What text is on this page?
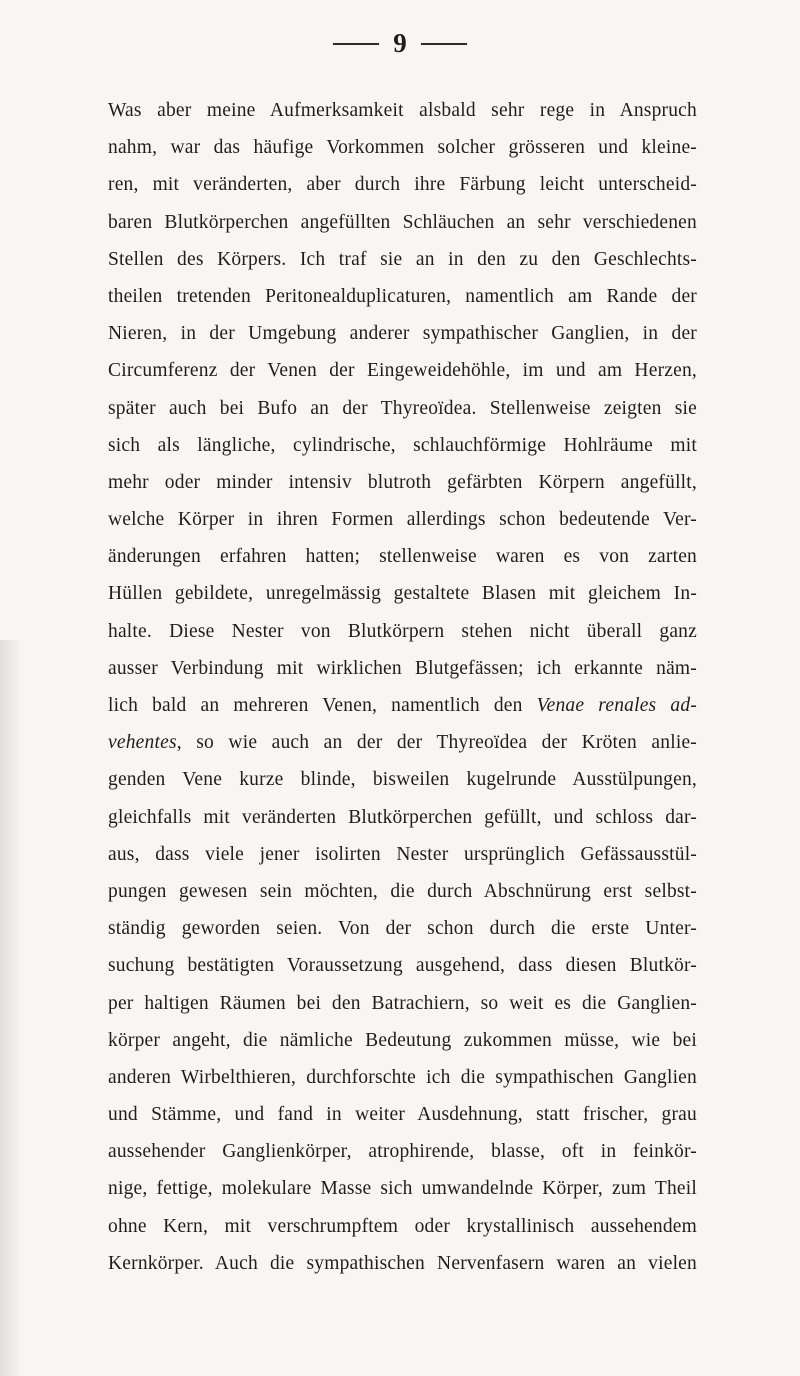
9
Was aber meine Aufmerksamkeit alsbald sehr rege in Anspruch
nahm, war das häufige Vorkommen solcher grösseren und kleine-
ren, mit veränderten, aber durch ihre Färbung leicht unterscheid-
baren Blutkörperchen angefüllten Schläuchen an sehr verschiedenen
Stellen des Körpers. Ich traf sie an in den zu den Geschlechts-
theilen tretenden Peritonealduplicaturen, namentlich am Rande der
Nieren, in der Umgebung anderer sympathischer Ganglien, in der
Circumferenz der Venen der Eingeweidehöhle, im und am Herzen,
später auch bei Bufo an der Thyreoïdea. Stellenweise zeigten sie
sich als längliche, cylindrische, schlauchförmige Hohlräume mit
mehr oder minder intensiv blutroth gefärbten Körpern angefüllt,
welche Körper in ihren Formen allerdings schon bedeutende Ver-
änderungen erfahren hatten; stellenweise waren es von zarten
Hüllen gebildete, unregelmässig gestaltete Blasen mit gleichem In-
halte. Diese Nester von Blutkörpern stehen nicht überall ganz
ausser Verbindung mit wirklichen Blutgefässen; ich erkannte näm-
lich bald an mehreren Venen, namentlich den Venae renales ad-
vehentes, so wie auch an der der Thyreoïdea der Kröten anlie-
genden Vene kurze blinde, bisweilen kugelrunde Ausstülpungen,
gleichfalls mit veränderten Blutkörperchen gefüllt, und schloss dar-
aus, dass viele jener isolirten Nester ursprünglich Gefässausstül-
pungen gewesen sein möchten, die durch Abschnürung erst selbst-
ständig geworden seien. Von der schon durch die erste Unter-
suchung bestätigten Voraussetzung ausgehend, dass diesen Blutkör-
per haltigen Räumen bei den Batrachiern, so weit es die Ganglien-
körper angeht, die nämliche Bedeutung zukommen müsse, wie bei
anderen Wirbelthieren, durchforschte ich die sympathischen Ganglien
und Stämme, und fand in weiter Ausdehnung, statt frischer, grau
aussehender Ganglienkörper, atrophirende, blasse, oft in feinkör-
nige, fettige, molekulare Masse sich umwandelnde Körper, zum Theil
ohne Kern, mit verschrumpftem oder krystallinisch aussehendem
Kernkörper. Auch die sympathischen Nervenfasern waren an vielen
